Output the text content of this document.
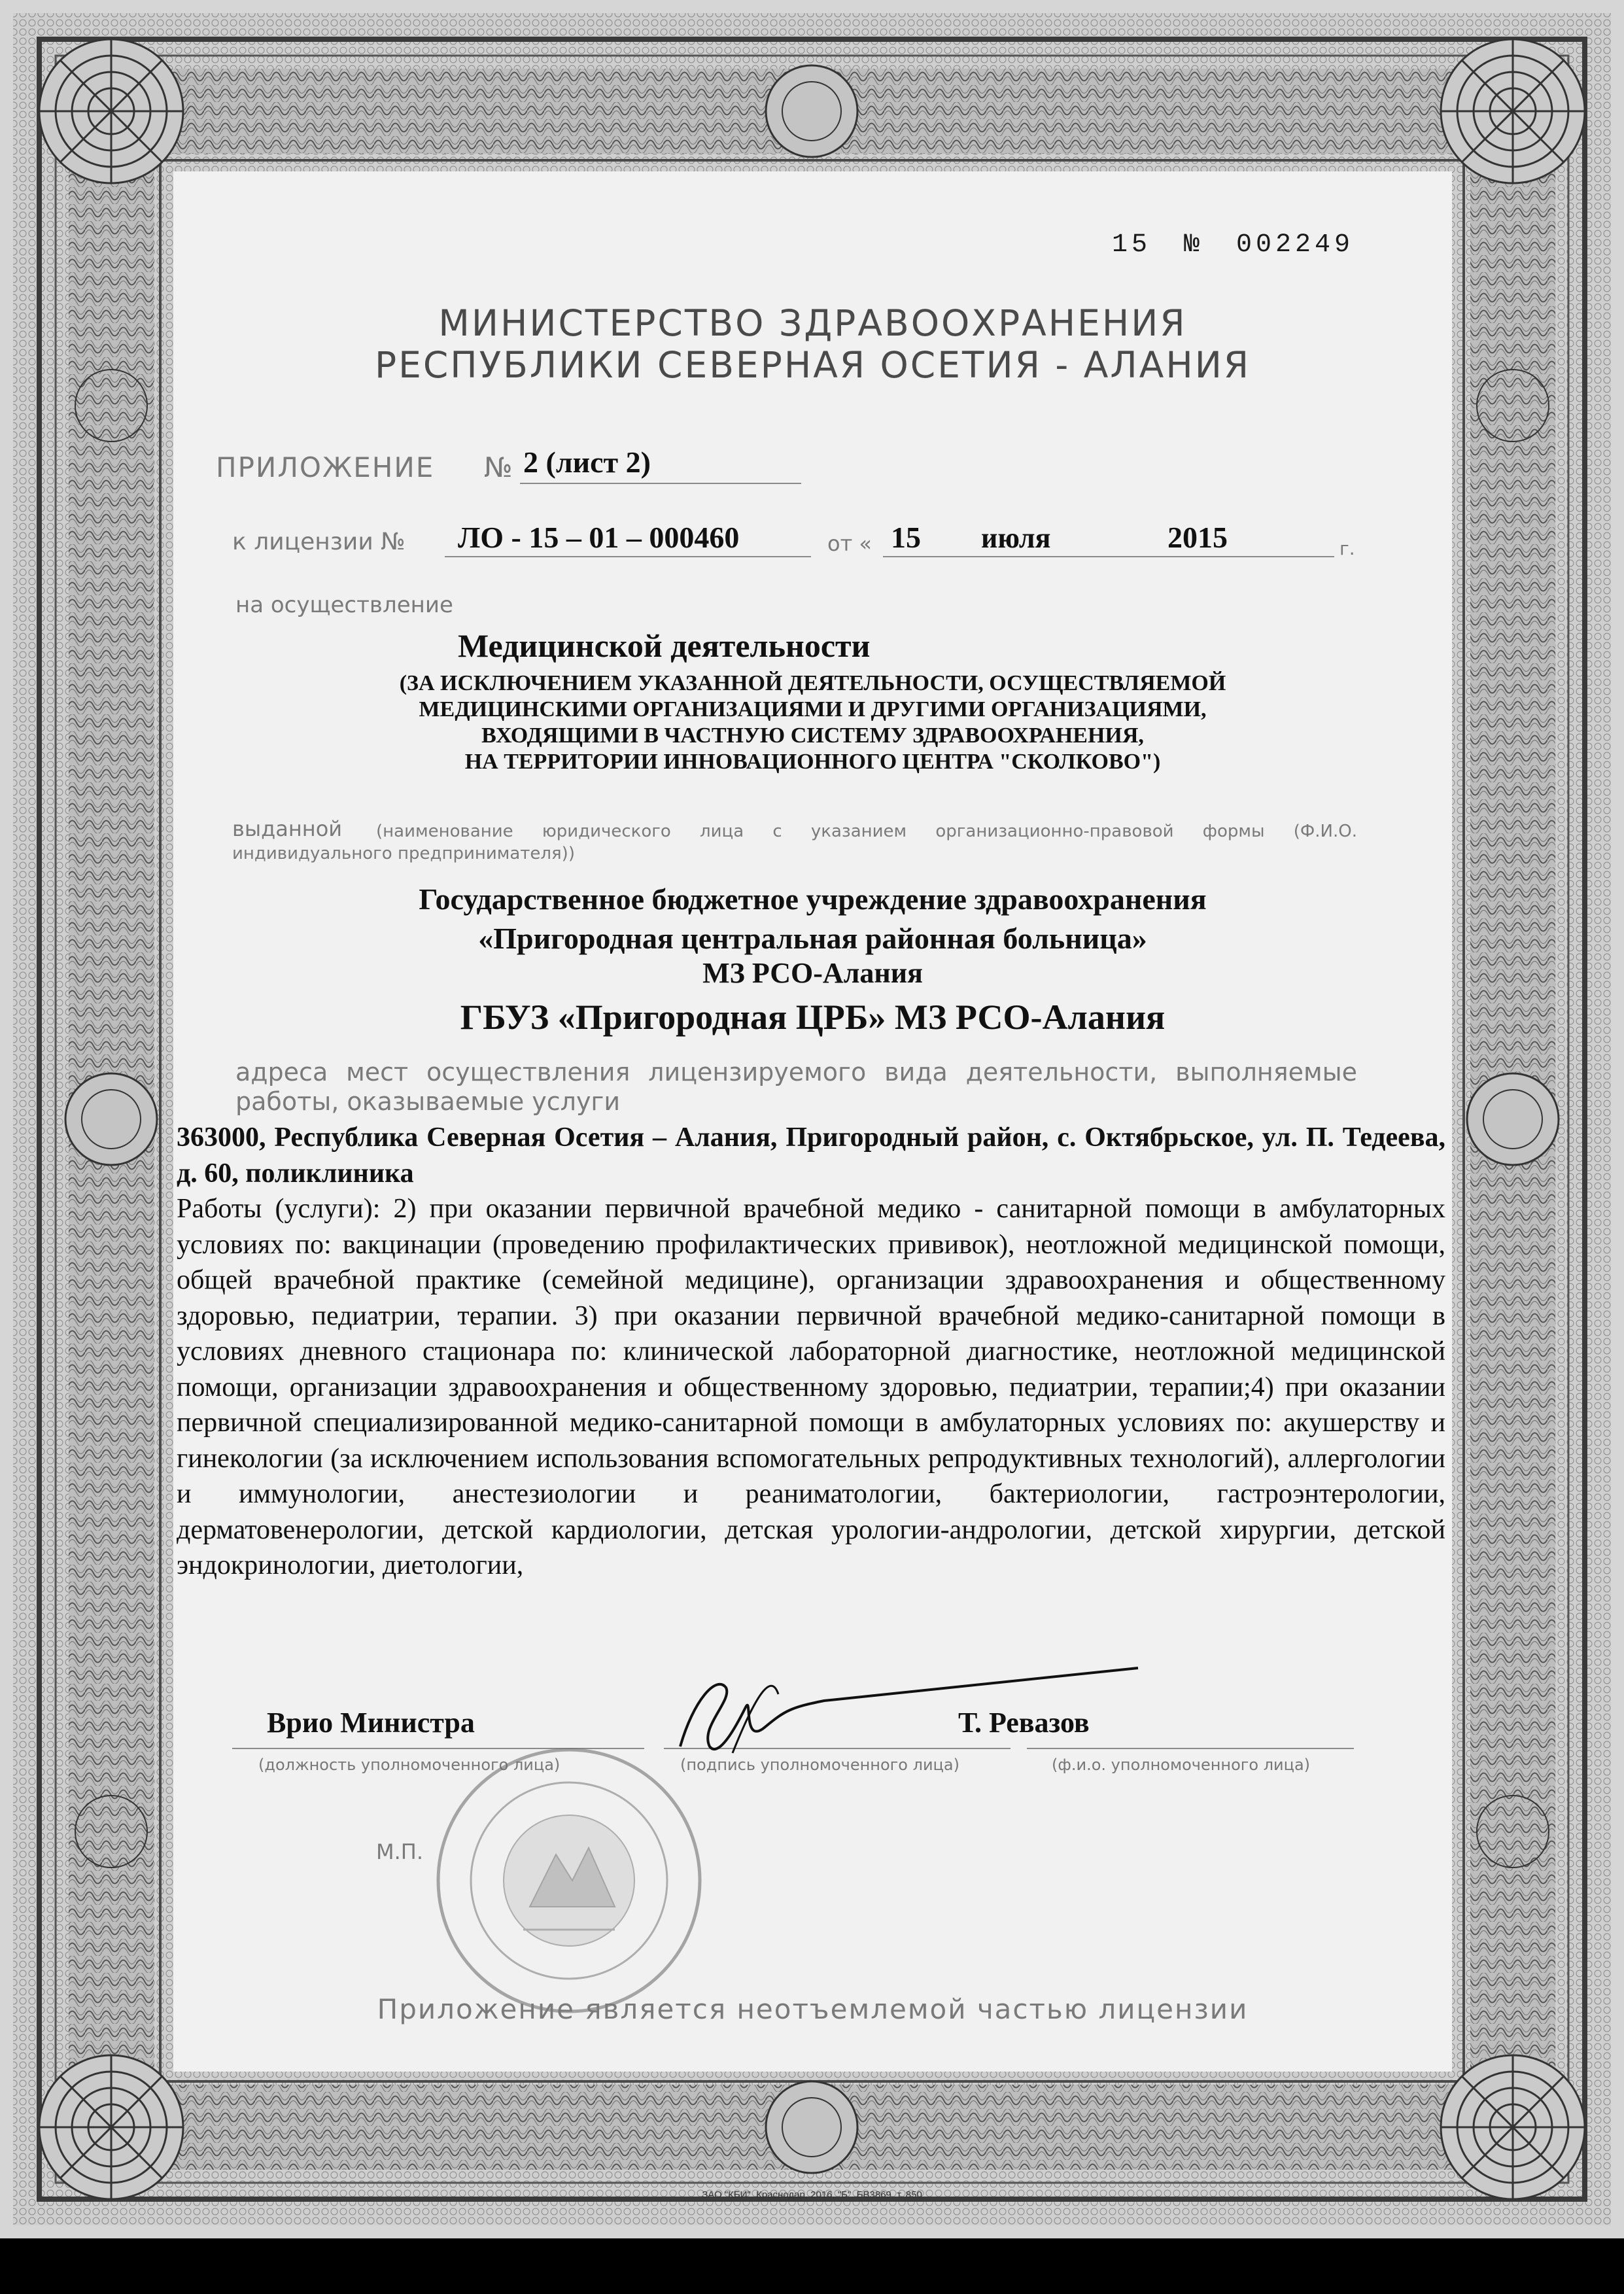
15 № 002249
МИНИСТЕРСТВО ЗДРАВООХРАНЕНИЯ
РЕСПУБЛИКИ СЕВЕРНАЯ ОСЕТИЯ - АЛАНИЯ
ПРИЛОЖЕНИЕ № 2 (лист 2)
к лицензии № ЛО - 15 – 01 – 000460	от « 15 июля	2015	г.
на осуществление
Медицинской деятельности
(ЗА ИСКЛЮЧЕНИЕМ УКАЗАННОЙ ДЕЯТЕЛЬНОСТИ, ОСУЩЕСТВЛЯЕМОЙ
МЕДИЦИНСКИМИ ОРГАНИЗАЦИЯМИ И ДРУГИМИ ОРГАНИЗАЦИЯМИ,
ВХОДЯЩИМИ В ЧАСТНУЮ СИСТЕМУ ЗДРАВООХРАНЕНИЯ,
НА ТЕРРИТОРИИ ИННОВАЦИОННОГО ЦЕНТРА "СКОЛКОВО")
выданной (наименование юридического лица с указанием организационно-правовой формы (Ф.И.О.
индивидуального предпринимателя))
Государственное бюджетное учреждение здравоохранения
«Пригородная центральная районная больница»
МЗ РСО-Алания
ГБУЗ «Пригородная ЦРБ» МЗ РСО-Алания
адреса мест осуществления лицензируемого вида деятельности, выполняемые
работы, оказываемые услуги
363000, Республика Северная Осетия – Алания, Пригородный район, с. Октябрьское, ул. П. Тедеева, д. 60, поликлиника
Работы (услуги): 2) при оказании первичной врачебной медико - санитарной помощи в амбулаторных условиях по: вакцинации (проведению профилактических прививок), неотложной медицинской помощи, общей врачебной практике (семейной медицине), организации здравоохранения и общественному здоровью, педиатрии, терапии. 3) при оказании первичной врачебной медико-санитарной помощи в условиях дневного стационара по: клинической лабораторной диагностике, неотложной медицинской помощи, организации здравоохранения и общественному здоровью, педиатрии, терапии;4) при оказании первичной специализированной медико-санитарной помощи в амбулаторных условиях по: акушерству и гинекологии (за исключением использования вспомогательных репродуктивных технологий), аллергологии и иммунологии, анестезиологии и реаниматологии, бактериологии, гастроэнтерологии, дерматовенерологии, детской кардиологии, детская урологии-андрологии, детской хирургии, детской эндокринологии, диетологии,
Врио Министра	Т. Ревазов
(должность уполномоченного лица)	(подпись уполномоченного лица)	(ф.и.о. уполномоченного лица)
М.П.
Приложение является неотъемлемой частью лицензии
ЗАО "КБИ", Краснодар, 2016, "Б", БВ3869, т. 850
